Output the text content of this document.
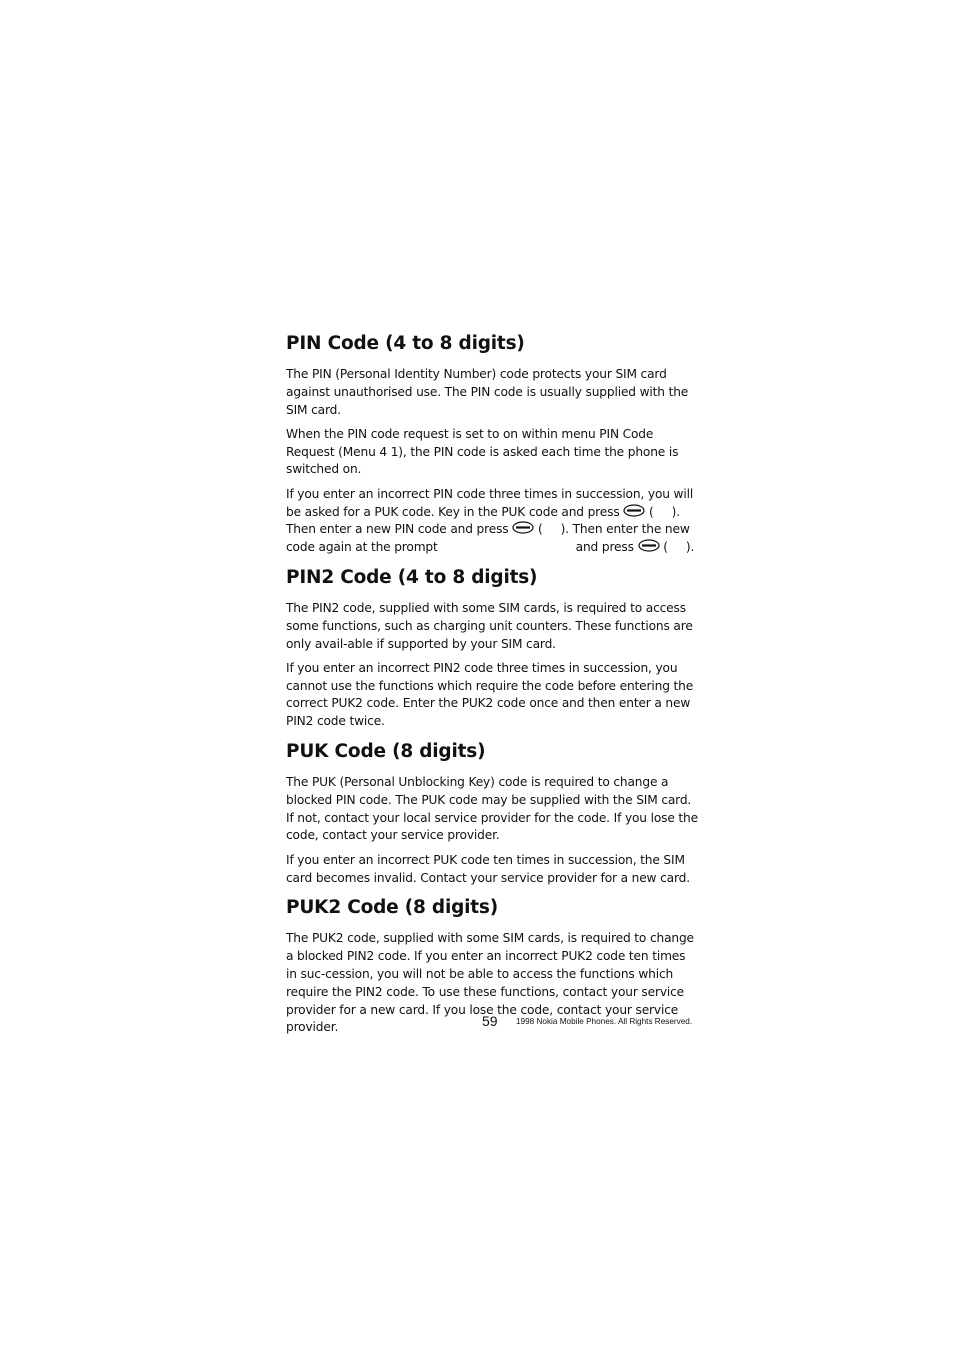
PIN Code (4 to 8 digits)

The PIN (Personal Identity Number) code protects your SIM card against unauthorised use. The PIN code is usually supplied with the SIM card.

When the PIN code request is set to on within menu PIN Code Request (Menu 4 1), the PIN code is asked each time the phone is switched on.

If you enter an incorrect PIN code three times in succession, you will be asked for a PUK code. Key in the PUK code and press  ( ). Then enter a new PIN code and press  ( ). Then enter the new code again at the prompt	and press  ( ).

PIN2 Code (4 to 8 digits)

The PIN2 code, supplied with some SIM cards, is required to access some functions, such as charging unit counters. These functions are only avail-able if supported by your SIM card.

If you enter an incorrect PIN2 code three times in succession, you cannot use the functions which require the code before entering the correct PUK2 code. Enter the PUK2 code once and then enter a new PIN2 code twice.

PUK Code (8 digits)

The PUK (Personal Unblocking Key) code is required to change a blocked PIN code. The PUK code may be supplied with the SIM card. If not, contact your local service provider for the code. If you lose the code, contact your service provider.

If you enter an incorrect PUK code ten times in succession, the SIM card becomes invalid. Contact your service provider for a new card.

PUK2 Code (8 digits)

The PUK2 code, supplied with some SIM cards, is required to change a blocked PIN2 code. If you enter an incorrect PUK2 code ten times in suc-cession, you will not be able to access the functions which require the PIN2 code. To use these functions, contact your service provider for a new card. If you lose the code, contact your service provider.	59 1998 Nokia Mobile Phones. All Rights Reserved.
